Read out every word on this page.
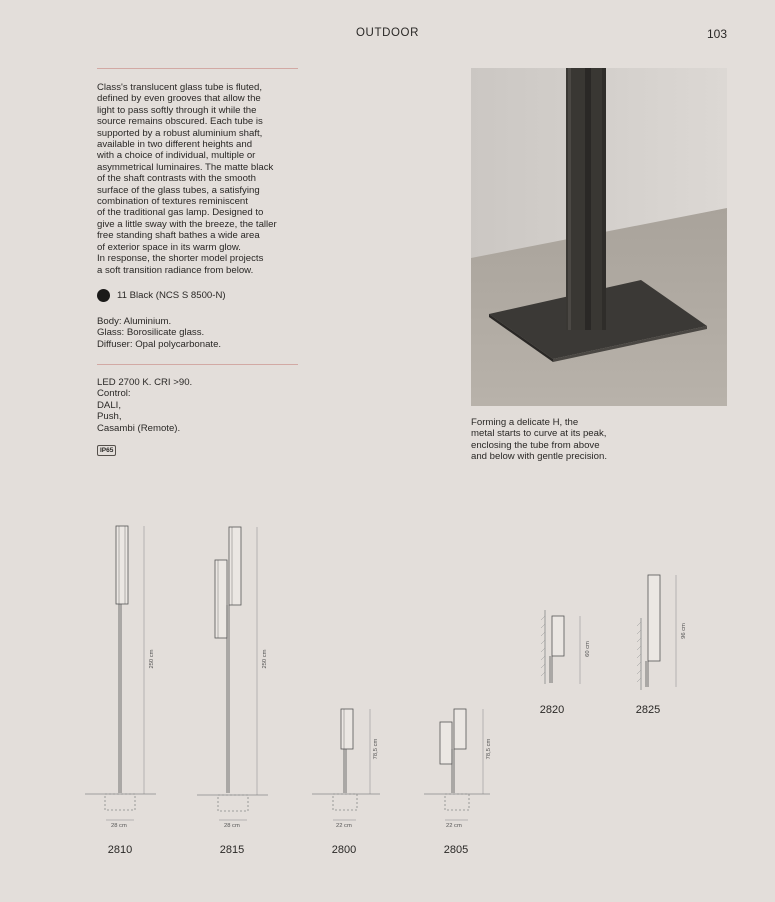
OUTDOOR	103
Class's translucent glass tube is fluted,
defined by even grooves that allow the
light to pass softly through it while the
source remains obscured. Each tube is
supported by a robust aluminium shaft,
available in two different heights and
with a choice of individual, multiple or
asymmetrical luminaires. The matte black
of the shaft contrasts with the smooth
surface of the glass tubes, a satisfying
combination of textures reminiscent
of the traditional gas lamp. Designed to
give a little sway with the breeze, the taller
free standing shaft bathes a wide area
of exterior space in its warm glow.
In response, the shorter model projects
a soft transition radiance from below.
11 Black (NCS S 8500-N)
Body: Aluminium.
Glass: Borosilicate glass.
Diffuser: Opal polycarbonate.
LED 2700 K. CRI >90.
Control:
DALI,
Push,
Casambi (Remote).
IP65
Forming a delicate H, the
metal starts to curve at its peak,
enclosing the tube from above
and below with gentle precision.
250 cm
28 cm
250 cm
28 cm
78,5 cm
22 cm
78,5 cm
22 cm
60 cm
96 cm
2810	2815	2800	2805
2820	2825
